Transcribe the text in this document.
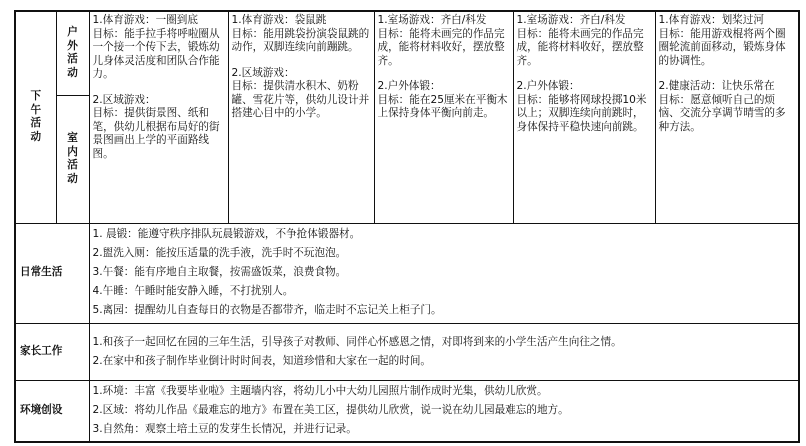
下午活动	户外活动	1.体育游戏：一圈到底
目标：能手拉手将呼啦圈从一个接一个传下去，锻炼幼儿身体灵活度和团队合作能力。
2.区域游戏：
目标：提供街景图、纸和笔，供幼儿根据布局好的街景图画出上学的平面路线图。	1.体育游戏：袋鼠跳
目标：能用跳袋扮演袋鼠跳的动作，双脚连续向前蹦跳。
2.区域游戏：
目标：提供清水积木、奶粉罐、雪花片等，供幼儿设计并搭建心目中的小学。	1.室场游戏：齐白/科发
目标：能将未画完的作品完成，能将材料收好，摆放整齐。
2.户外体锻：
目标：能在25厘米在平衡木上保持身体平衡向前走。	1.室场游戏：齐白/科发
目标：能将未画完的作品完成，能将材料收好，摆放整齐。
2.户外体锻：
目标：能够将网球投掷10米以上；双脚连续向前跳时，身体保持平稳快速向前跳。	1.体育游戏：划桨过河
目标：能用游戏棍将两个圈圈轮流前面移动，锻炼身体的协调性。
2.健康活动：让快乐常在
目标：愿意倾听自己的烦恼、交流分享调节晴雪的多种方法。

	室内活动					
日常生活		1. 晨锻：能遵守秩序排队玩晨锻游戏，不争抢体锻器材。
2.盥洗入厕：能按压适量的洗手液，洗手时不玩泡泡。
3.午餐：能有序地自主取餐，按需盛饭菜，浪费食物。
4.午睡：午睡时能安静入睡，不打扰别人。
5.离园：提醒幼儿自查每日的衣物是否都带齐，临走时不忘记关上柜子门。				

家长工作		1.和孩子一起回忆在园的三年生活，引导孩子对教师、同伴心怀感恩之情，对即将到来的小学生活产生向往之情。
2.在家中和孩子制作毕业倒计时时间表，知道珍惜和大家在一起的时间。				

环境创设		1.环境：丰富《我要毕业啦》主题墙内容，将幼儿小中大幼儿园照片制作成时光集，供幼儿欣赏。
2.区域：将幼儿作品《最难忘的地方》布置在美工区，提供幼儿欣赏，说一说在幼儿园最难忘的地方。
3.自然角：观察土培土豆的发芽生长情况，并进行记录。				
